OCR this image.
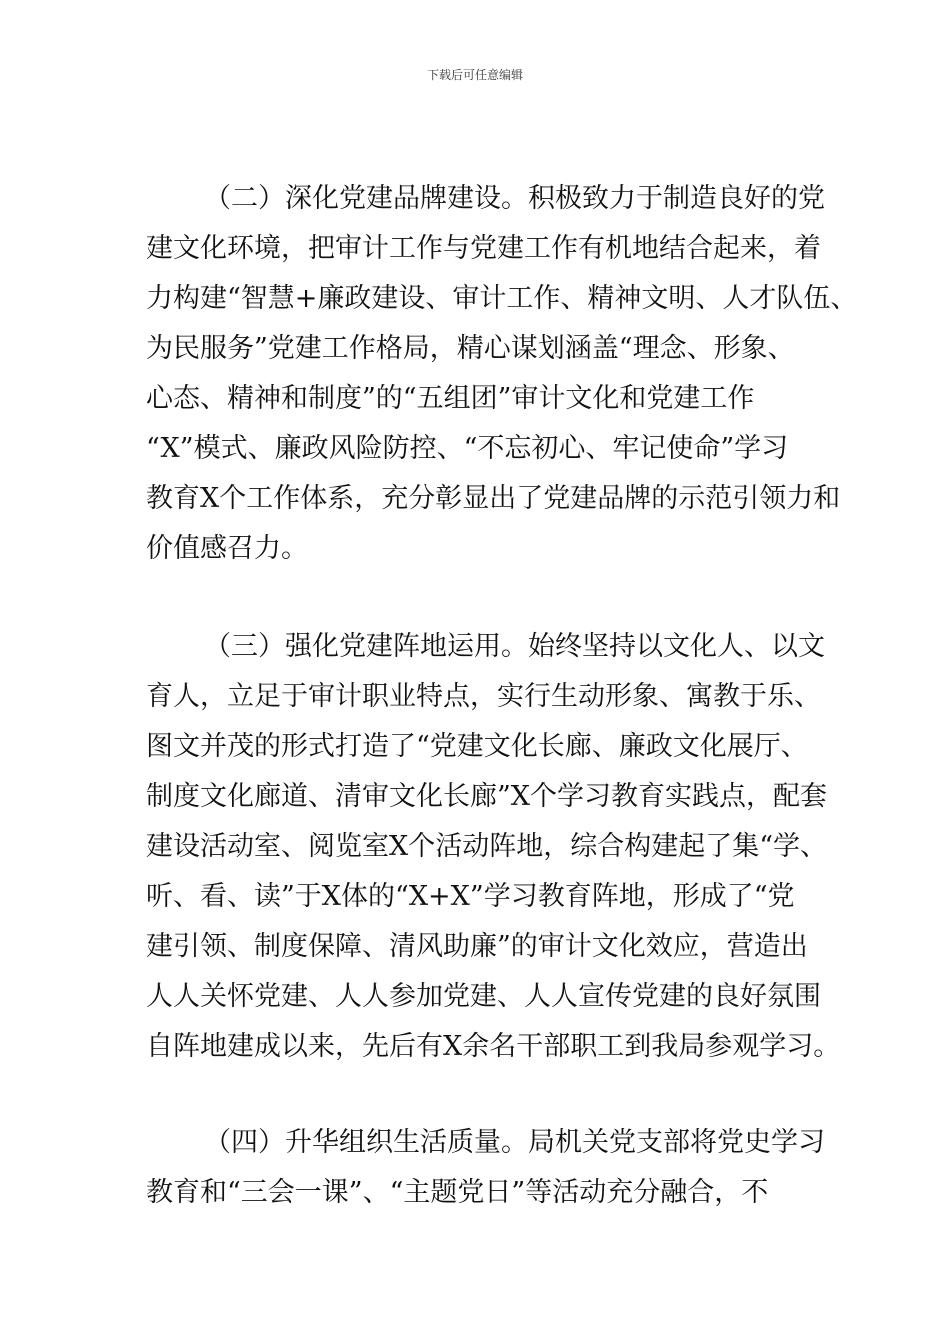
下载后可任意编辑
（二）深化党建品牌建设。积极致力于制造良好的党
建文化环境，把审计工作与党建工作有机地结合起来，着
力构建“智慧+廉政建设、审计工作、精神文明、人才队伍、
为民服务”党建工作格局，精心谋划涵盖“理念、形象、
心态、精神和制度”的“五组团”审计文化和党建工作
“X”模式、廉政风险防控、“不忘初心、牢记使命”学习
教育X个工作体系，充分彰显出了党建品牌的示范引领力和
价值感召力。
（三）强化党建阵地运用。始终坚持以文化人、以文
育人，立足于审计职业特点，实行生动形象、寓教于乐、
图文并茂的形式打造了“党建文化长廊、廉政文化展厅、
制度文化廊道、清审文化长廊”X个学习教育实践点，配套
建设活动室、阅览室X个活动阵地，综合构建起了集“学、
听、看、读”于X体的“X+X”学习教育阵地，形成了“党
建引领、制度保障、清风助廉”的审计文化效应，营造出
人人关怀党建、人人参加党建、人人宣传党建的良好氛围
自阵地建成以来，先后有X余名干部职工到我局参观学习。
（四）升华组织生活质量。局机关党支部将党史学习
教育和“三会一课”、“主题党日”等活动充分融合，不
